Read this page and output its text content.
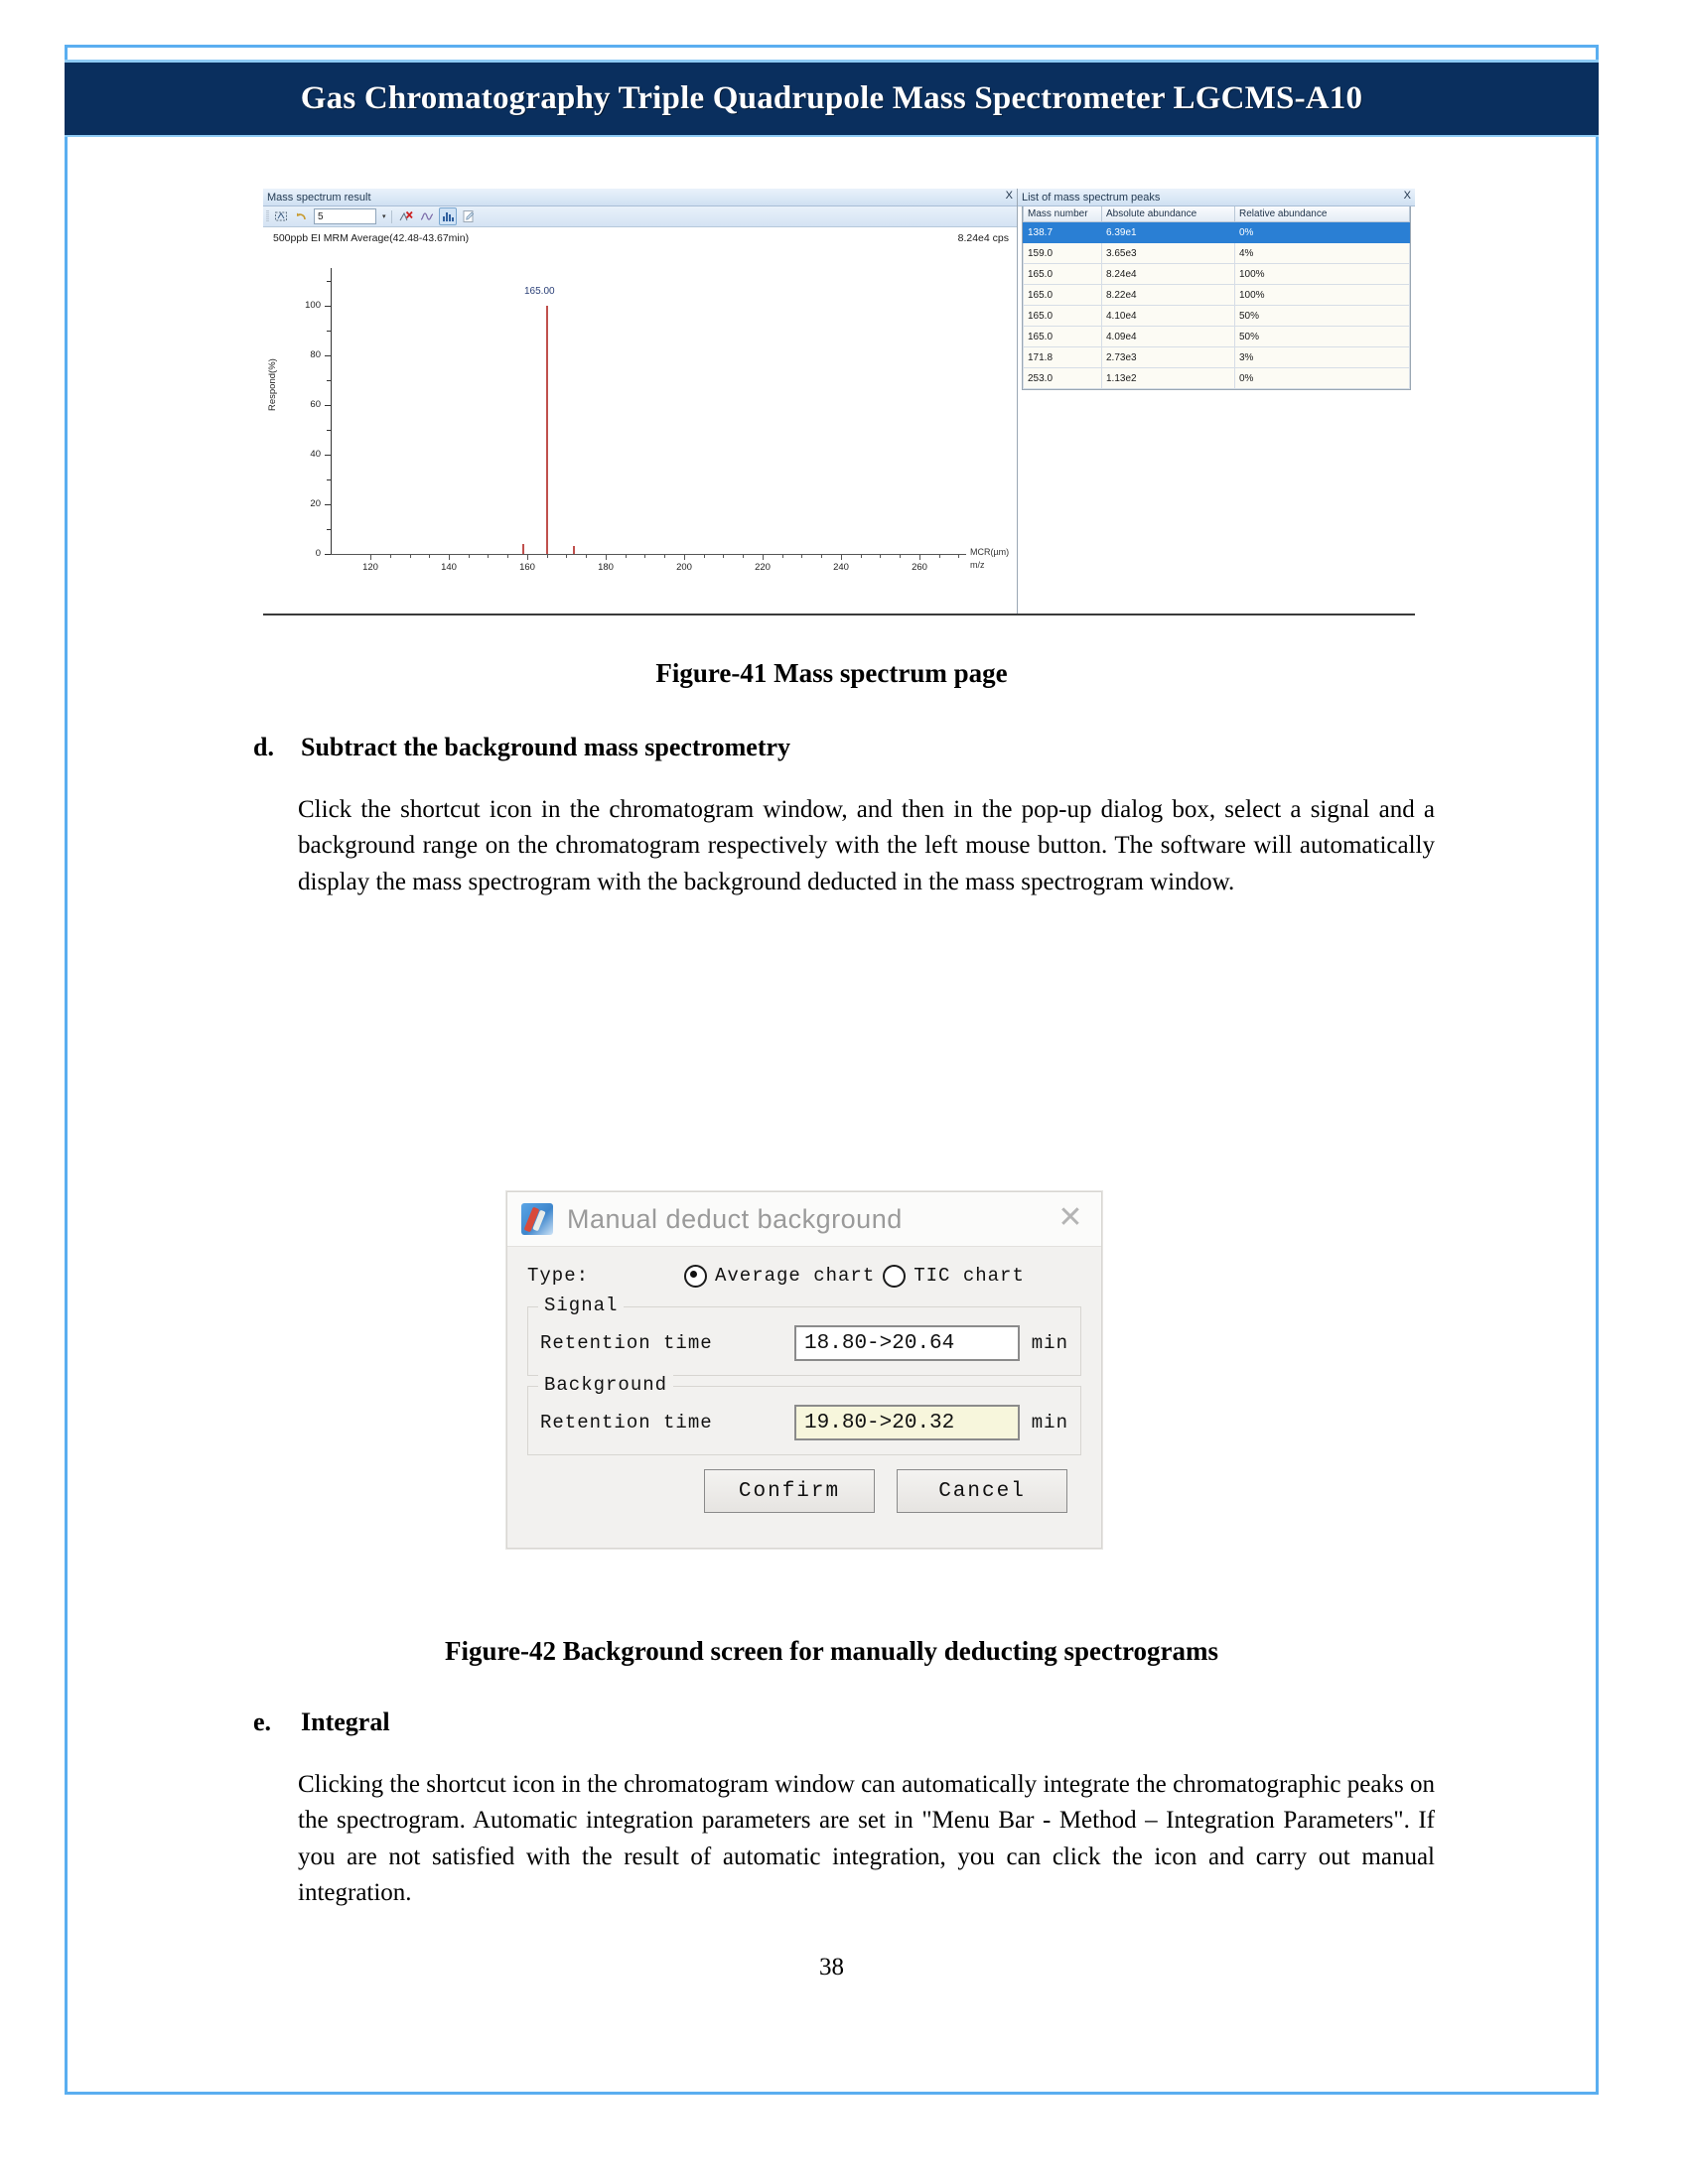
Gas Chromatography Triple Quadrupole Mass Spectrometer LGCMS-A10
Mass spectrum result	X
5	▾
500ppb EI MRM Average(42.48-43.67min)	8.24e4 cps
Respond(%)
0
20
40
60
80
100
120	140	160	180	200	220	240	260
MCR(µm)
m/z
165.00
List of mass spectrum peaks	X
Mass number	Absolute abundance	Relative abundance
138.7	6.39e1	0%
159.0	3.65e3	4%
165.0	8.24e4	100%
165.0	8.22e4	100%
165.0	4.10e4	50%
165.0	4.09e4	50%
171.8	2.73e3	3%
253.0	1.13e2	0%
Figure-41 Mass spectrum page
d.	Subtract the background mass spectrometry
Click the shortcut icon in the chromatogram window, and then in the pop-up dialog box, select a signal and a background range on the chromatogram respectively with the left mouse button. The software will automatically display the mass spectrogram with the background deducted in the mass spectrogram window.
Manual deduct background	✕
Type:	Average chart TIC chart
Signal
Retention time	18.80->20.64	min
Background
Retention time	19.80->20.32	min
Confirm	Cancel
Figure-42 Background screen for manually deducting spectrograms
e.	Integral
Clicking the shortcut icon in the chromatogram window can automatically integrate the chromatographic peaks on the spectrogram. Automatic integration parameters are set in "Menu Bar - Method – Integration Parameters". If you are not satisfied with the result of automatic integration, you can click the icon and carry out manual integration.
38
